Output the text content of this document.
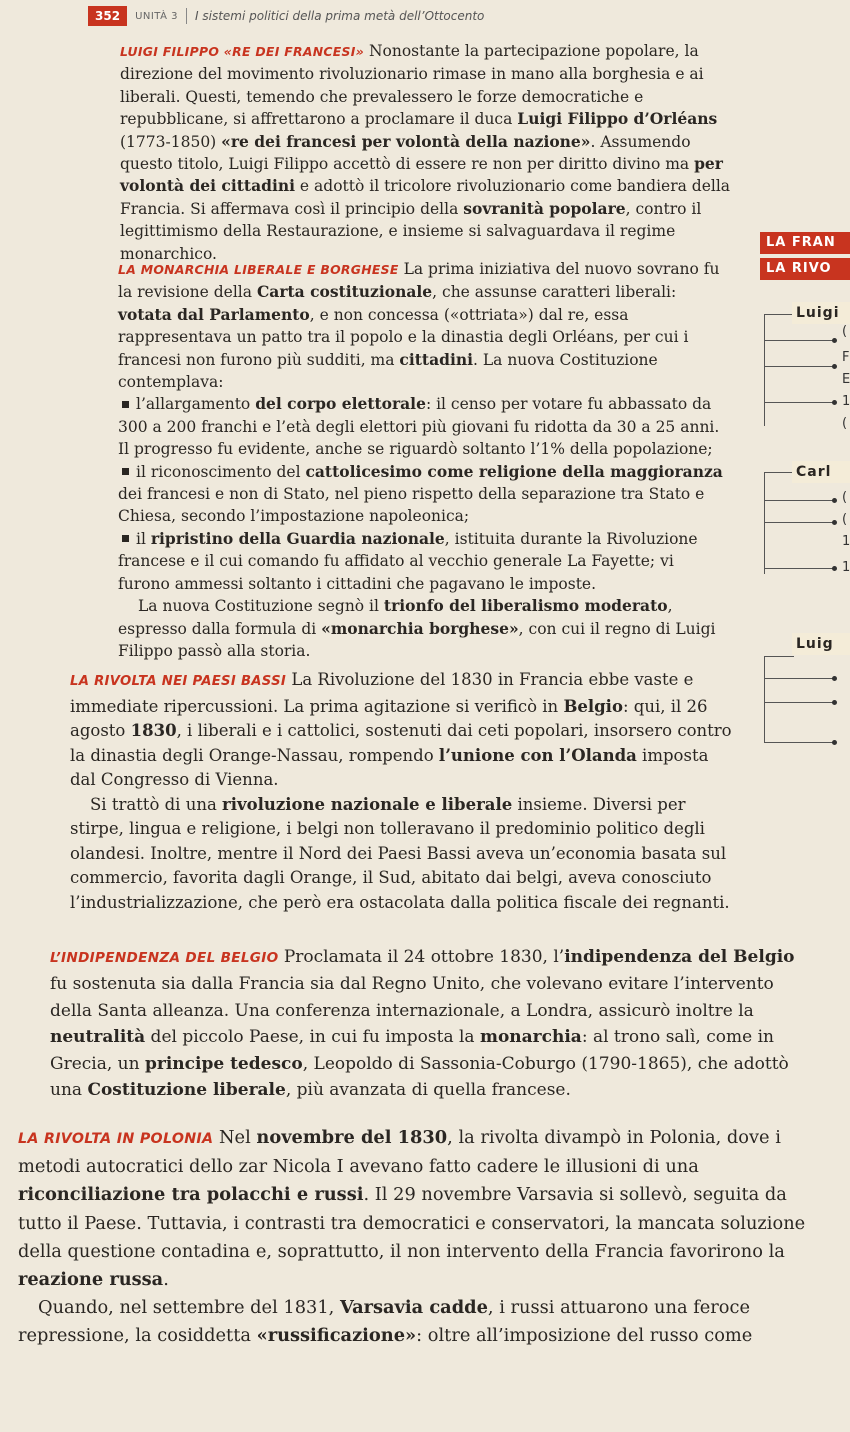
352	UNITÀ 3 I sistemi politici della prima metà dell’Ottocento

LUIGI FILIPPO «RE DEI FRANCESI» Nonostante la partecipazione popolare, la direzione del movimento rivoluzionario rimase in mano alla borghesia e ai liberali. Questi, temendo che prevalessero le forze democratiche e repubblicane, si affrettarono a proclamare il duca Luigi Filippo d’Orléans (1773-1850) «re dei francesi per volontà della nazione». Assumendo questo titolo, Luigi Filippo accettò di essere re non per diritto divino ma per volontà dei cittadini e adottò il tricolore rivoluzionario come bandiera della Francia. Si affermava così il principio della sovranità popolare, contro il legittimismo della Restaurazione, e insieme si salvaguardava il regime monarchico.

LA MONARCHIA LIBERALE E BORGHESE La prima iniziativa del nuovo sovrano fu la revisione della Carta costituzionale, che assunse caratteri liberali: votata dal Parlamento, e non concessa («ottriata») dal re, essa rappresentava un patto tra il popolo e la dinastia degli Orléans, per cui i francesi non furono più sudditi, ma cittadini. La nuova Costituzione contemplava:

l’allargamento del corpo elettorale: il censo per votare fu abbassato da 300 a 200 franchi e l’età degli elettori più giovani fu ridotta da 30 a 25 anni. Il progresso fu evidente, anche se riguardò soltanto l’1% della popolazione;

il riconoscimento del cattolicesimo come religione della maggioranza dei francesi e non di Stato, nel pieno rispetto della separazione tra Stato e Chiesa, secondo l’impostazione napoleonica;

il ripristino della Guardia nazionale, istituita durante la Rivoluzione francese e il cui comando fu affidato al vecchio generale La Fayette; vi furono ammessi soltanto i cittadini che pagavano le imposte.

La nuova Costituzione segnò il trionfo del liberalismo moderato, espresso dalla formula di «monarchia borghese», con cui il regno di Luigi Filippo passò alla storia.

LA RIVOLTA NEI PAESI BASSI La Rivoluzione del 1830 in Francia ebbe vaste e immediate ripercussioni. La prima agitazione si verificò in Belgio: qui, il 26 agosto 1830, i liberali e i cattolici, sostenuti dai ceti popolari, insorsero contro la dinastia degli Orange-Nassau, rompendo l’unione con l’Olanda imposta dal Congresso di Vienna.

Si trattò di una rivoluzione nazionale e liberale insieme. Diversi per stirpe, lingua e religione, i belgi non tolleravano il predominio politico degli olandesi. Inoltre, mentre il Nord dei Paesi Bassi aveva un’economia basata sul commercio, favorita dagli Orange, il Sud, abitato dai belgi, aveva conosciuto l’industrializzazione, che però era ostacolata dalla politica fiscale dei regnanti.

L’INDIPENDENZA DEL BELGIO Proclamata il 24 ottobre 1830, l’indipendenza del Belgio fu sostenuta sia dalla Francia sia dal Regno Unito, che volevano evitare l’intervento della Santa alleanza. Una conferenza internazionale, a Londra, assicurò inoltre la neutralità del piccolo Paese, in cui fu imposta la monarchia: al trono salì, come in Grecia, un principe tedesco, Leopoldo di Sassonia-Coburgo (1790-1865), che adottò una Costituzione liberale, più avanzata di quella francese.

LA RIVOLTA IN POLONIA Nel novembre del 1830, la rivolta divampò in Polonia, dove i metodi autocratici dello zar Nicola I avevano fatto cadere le illusioni di una riconciliazione tra polacchi e russi. Il 29 novembre Varsavia si sollevò, seguita da tutto il Paese. Tuttavia, i contrasti tra democratici e conservatori, la mancata soluzione della questione contadina e, soprattutto, il non intervento della Francia favorirono la reazione russa.

Quando, nel settembre del 1831, Varsavia cadde, i russi attuarono una feroce repressione, la cosiddetta «russificazione»: oltre all’imposizione del russo come

LA FRAN
LA RIVO
Luigi
(
F
E
1
(
Carl
(
(
1
1
Luig
